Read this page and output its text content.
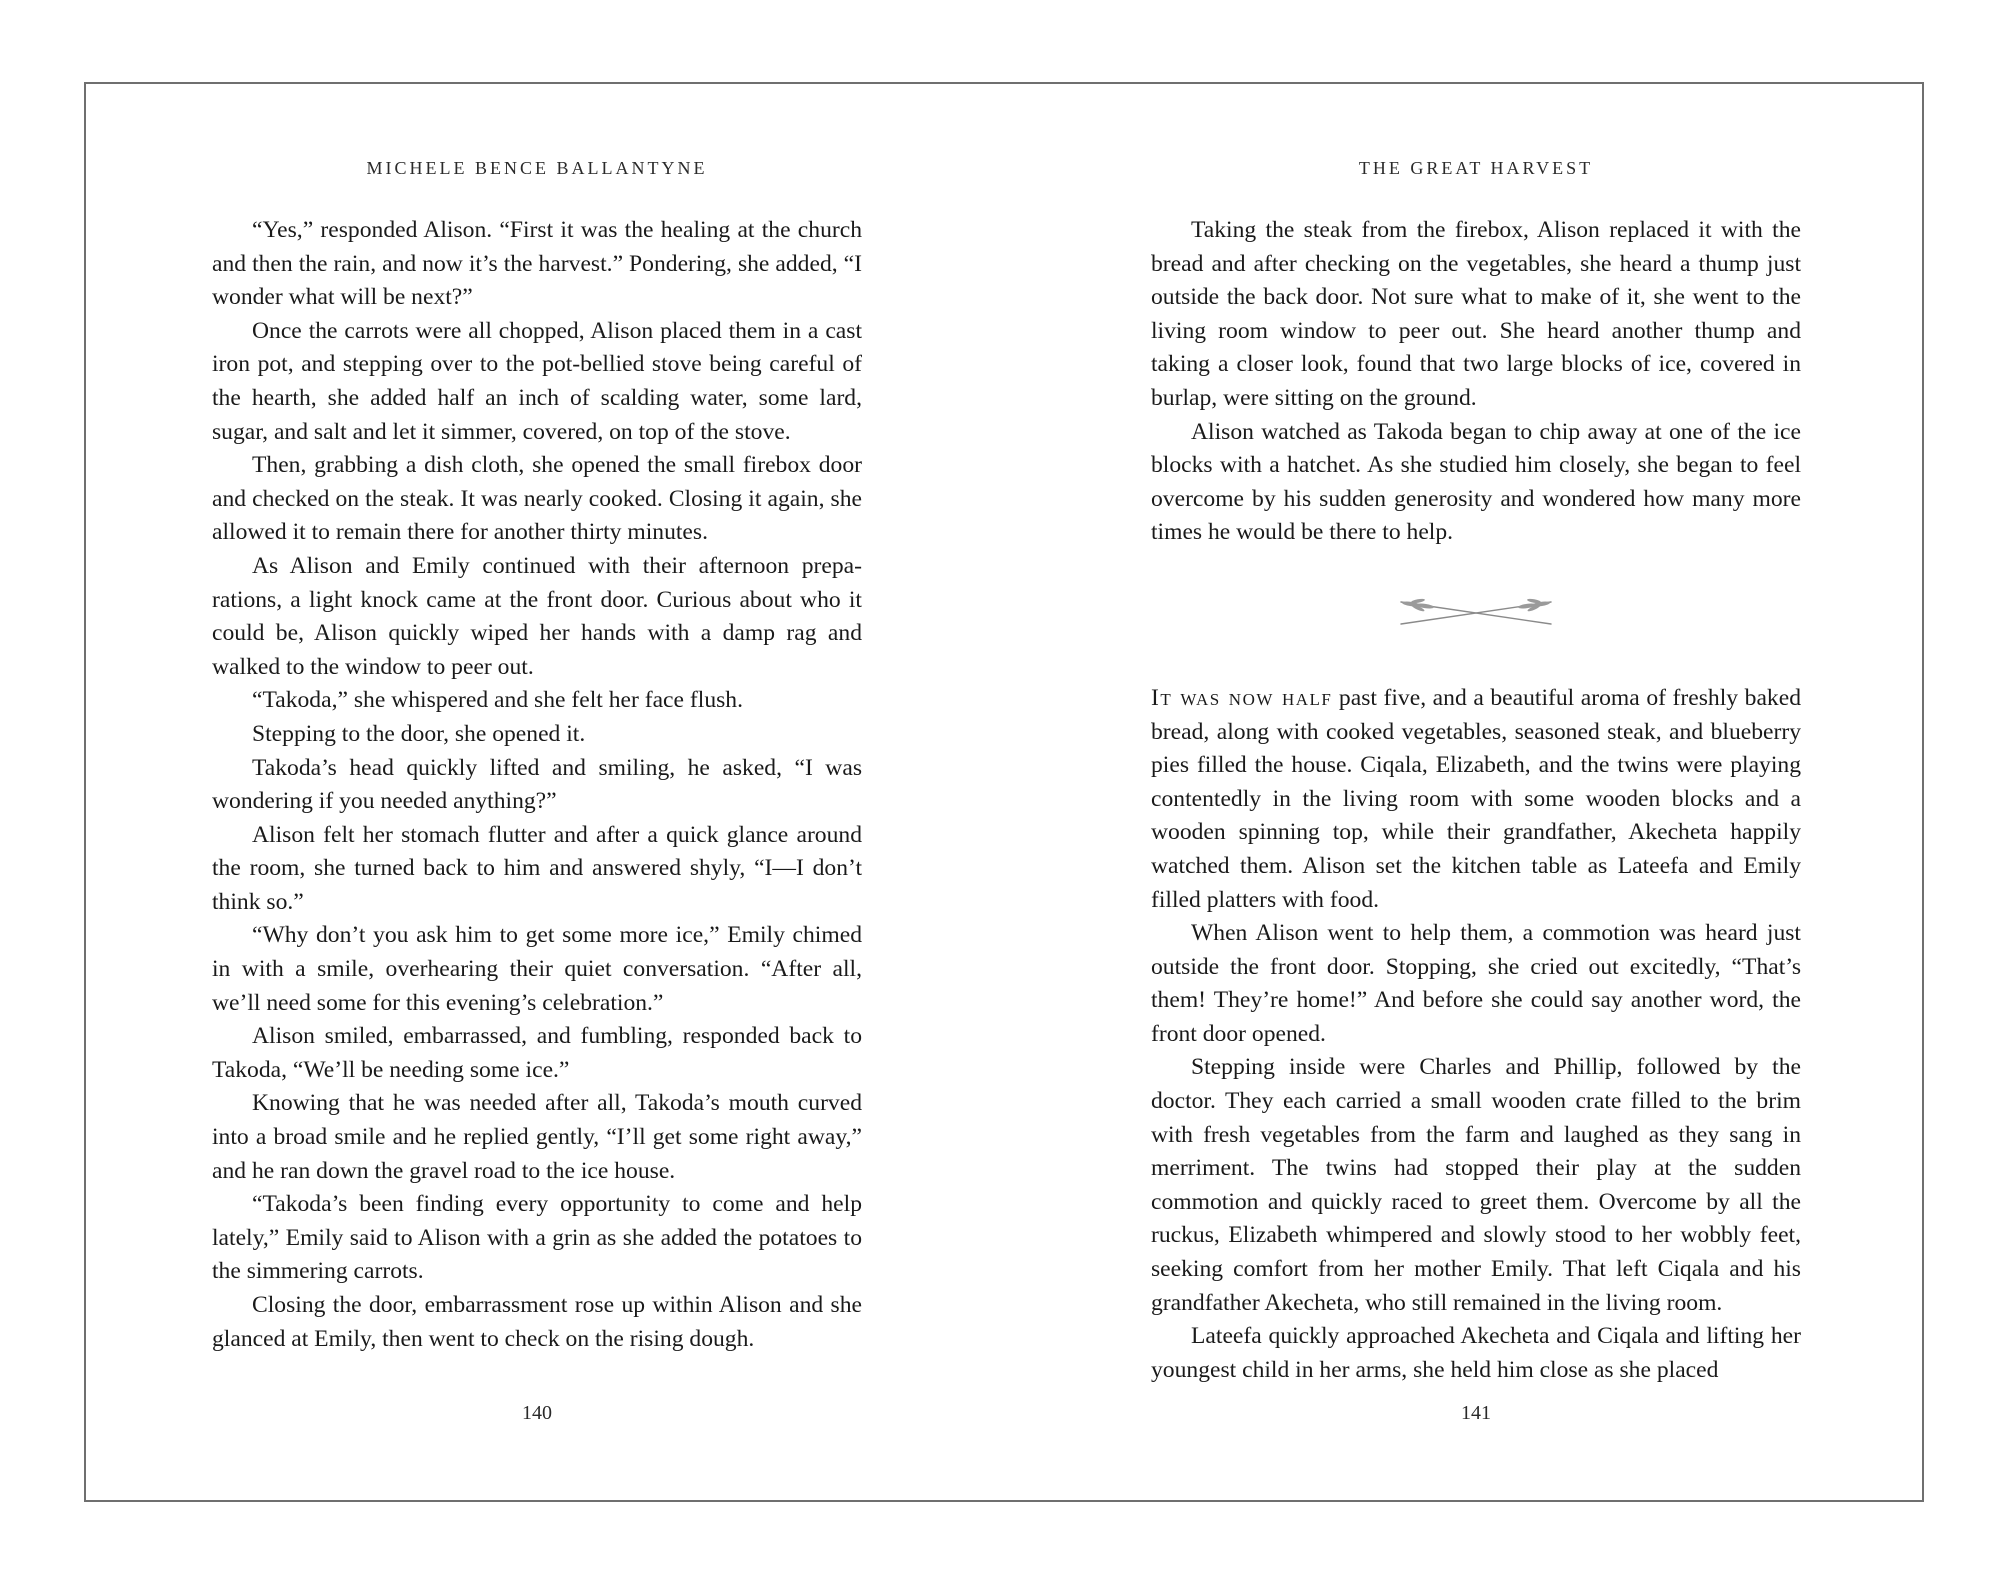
MICHELE BENCE BALLANTYNE

“Yes,” responded Alison. “First it was the healing at the church and then the rain, and now it’s the harvest.” Pondering, she added, “I wonder what will be next?”

Once the carrots were all chopped, Alison placed them in a cast iron pot, and stepping over to the pot-bellied stove being careful of the hearth, she added half an inch of scalding water, some lard, sugar, and salt and let it simmer, covered, on top of the stove.

Then, grabbing a dish cloth, she opened the small firebox door and checked on the steak. It was nearly cooked. Closing it again, she allowed it to remain there for another thirty minutes.

As Alison and Emily continued with their afternoon preparations, a light knock came at the front door. Curious about who it could be, Alison quickly wiped her hands with a damp rag and walked to the window to peer out.

“Takoda,” she whispered and she felt her face flush.

Stepping to the door, she opened it.

Takoda’s head quickly lifted and smiling, he asked, “I was wondering if you needed anything?”

Alison felt her stomach flutter and after a quick glance around the room, she turned back to him and answered shyly, “I—I don’t think so.”

“Why don’t you ask him to get some more ice,” Emily chimed in with a smile, overhearing their quiet conversation. “After all, we’ll need some for this evening’s celebration.”

Alison smiled, embarrassed, and fumbling, responded back to Takoda, “We’ll be needing some ice.”

Knowing that he was needed after all, Takoda’s mouth curved into a broad smile and he replied gently, “I’ll get some right away,” and he ran down the gravel road to the ice house.

“Takoda’s been finding every opportunity to come and help lately,” Emily said to Alison with a grin as she added the potatoes to the simmering carrots.

Closing the door, embarrassment rose up within Alison and she glanced at Emily, then went to check on the rising dough.

140
THE GREAT HARVEST

Taking the steak from the firebox, Alison replaced it with the bread and after checking on the vegetables, she heard a thump just outside the back door. Not sure what to make of it, she went to the living room window to peer out. She heard another thump and taking a closer look, found that two large blocks of ice, covered in burlap, were sitting on the ground.

Alison watched as Takoda began to chip away at one of the ice blocks with a hatchet. As she studied him closely, she began to feel overcome by his sudden generosity and wondered how many more times he would be there to help.

It was now half past five, and a beautiful aroma of freshly baked bread, along with cooked vegetables, seasoned steak, and blueberry pies filled the house. Ciqala, Elizabeth, and the twins were playing contentedly in the living room with some wooden blocks and a wooden spinning top, while their grandfather, Akecheta happily watched them. Alison set the kitchen table as Lateefa and Emily filled platters with food.

When Alison went to help them, a commotion was heard just outside the front door. Stopping, she cried out excitedly, “That’s them! They’re home!” And before she could say another word, the front door opened.

Stepping inside were Charles and Phillip, followed by the doctor. They each carried a small wooden crate filled to the brim with fresh vegetables from the farm and laughed as they sang in merriment. The twins had stopped their play at the sudden commotion and quickly raced to greet them. Overcome by all the ruckus, Elizabeth whimpered and slowly stood to her wobbly feet, seeking comfort from her mother Emily. That left Ciqala and his grandfather Akecheta, who still remained in the living room.

Lateefa quickly approached Akecheta and Ciqala and lifting her youngest child in her arms, she held him close as she placed

141
